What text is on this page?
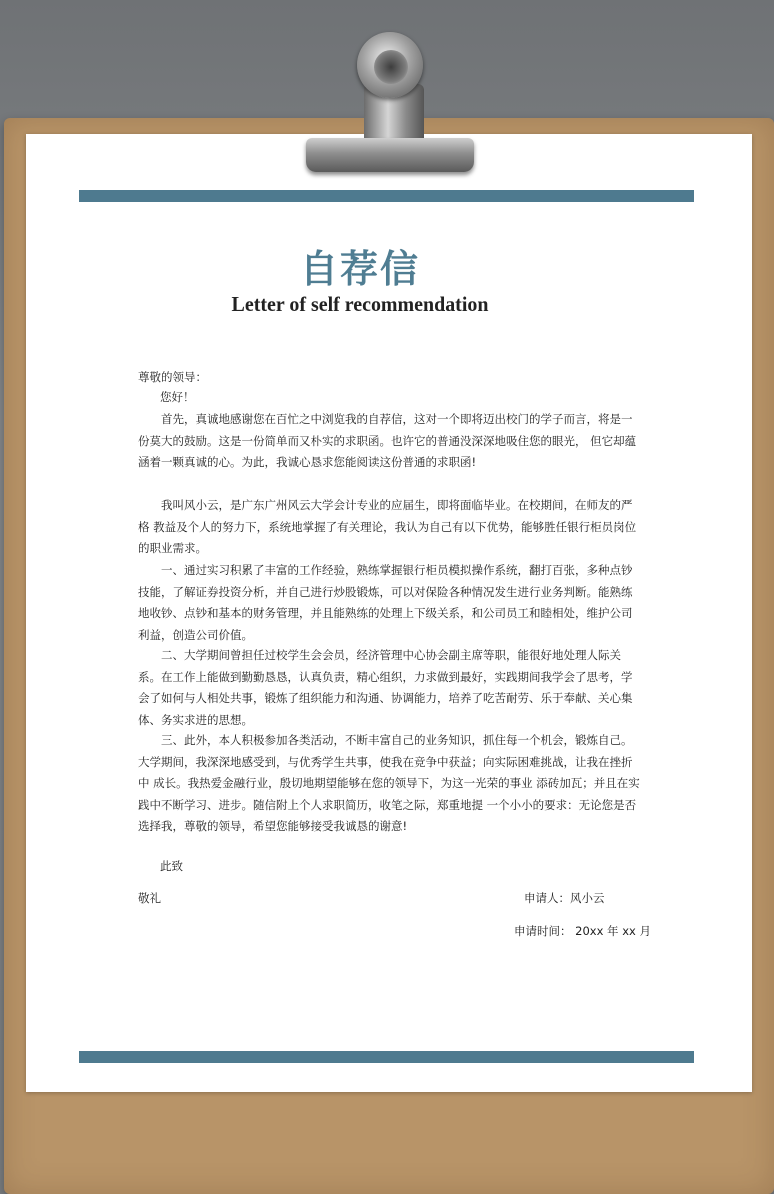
自荐信
Letter of self recommendation
尊敬的领导：
您好！

首先，真诚地感谢您在百忙之中浏览我的自荐信，这对一个即将迈出校门的学子而言，将是一份莫大的鼓励。这是一份简单而又朴实的求职函。也许它的普通没深深地吸住您的眼光， 但它却蕴涵着一颗真诚的心。为此，我诚心恳求您能阅读这份普通的求职函!

我叫风小云，是广东广州风云大学会计专业的应届生，即将面临毕业。在校期间，在师友的严格 教益及个人的努力下，系统地掌握了有关理论，我认为自己有以下优势，能够胜任银行柜员岗位的职业需求。

一、通过实习积累了丰富的工作经验，熟练掌握银行柜员模拟操作系统，翻打百张，多种点钞技能，了解证券投资分析，并自己进行炒股锻炼，可以对保险各种情况发生进行业务判断。能熟练地收钞、点钞和基本的财务管理，并且能熟练的处理上下级关系，和公司员工和睦相处，维护公司利益，创造公司价值。

二、大学期间曾担任过校学生会会员，经济管理中心协会副主席等职，能很好地处理人际关系。在工作上能做到勤勤恳恳，认真负责，精心组织，力求做到最好，实践期间我学会了思考，学会了如何与人相处共事，锻炼了组织能力和沟通、协调能力，培养了吃苦耐劳、乐于奉献、关心集体、务实求进的思想。

三、此外，本人积极参加各类活动，不断丰富自己的业务知识，抓住每一个机会，锻炼自己。大学期间，我深深地感受到，与优秀学生共事，使我在竞争中获益；向实际困难挑战，让我在挫折中 成长。我热爱金融行业，殷切地期望能够在您的领导下，为这一光荣的事业 添砖加瓦；并且在实践中不断学习、进步。随信附上个人求职简历，收笔之际，郑重地提 一个小小的要求：无论您是否选择我，尊敬的领导，希望您能够接受我诚恳的谢意!

此致
敬礼	申请人：风小云
申请时间： 20xx 年 xx 月
